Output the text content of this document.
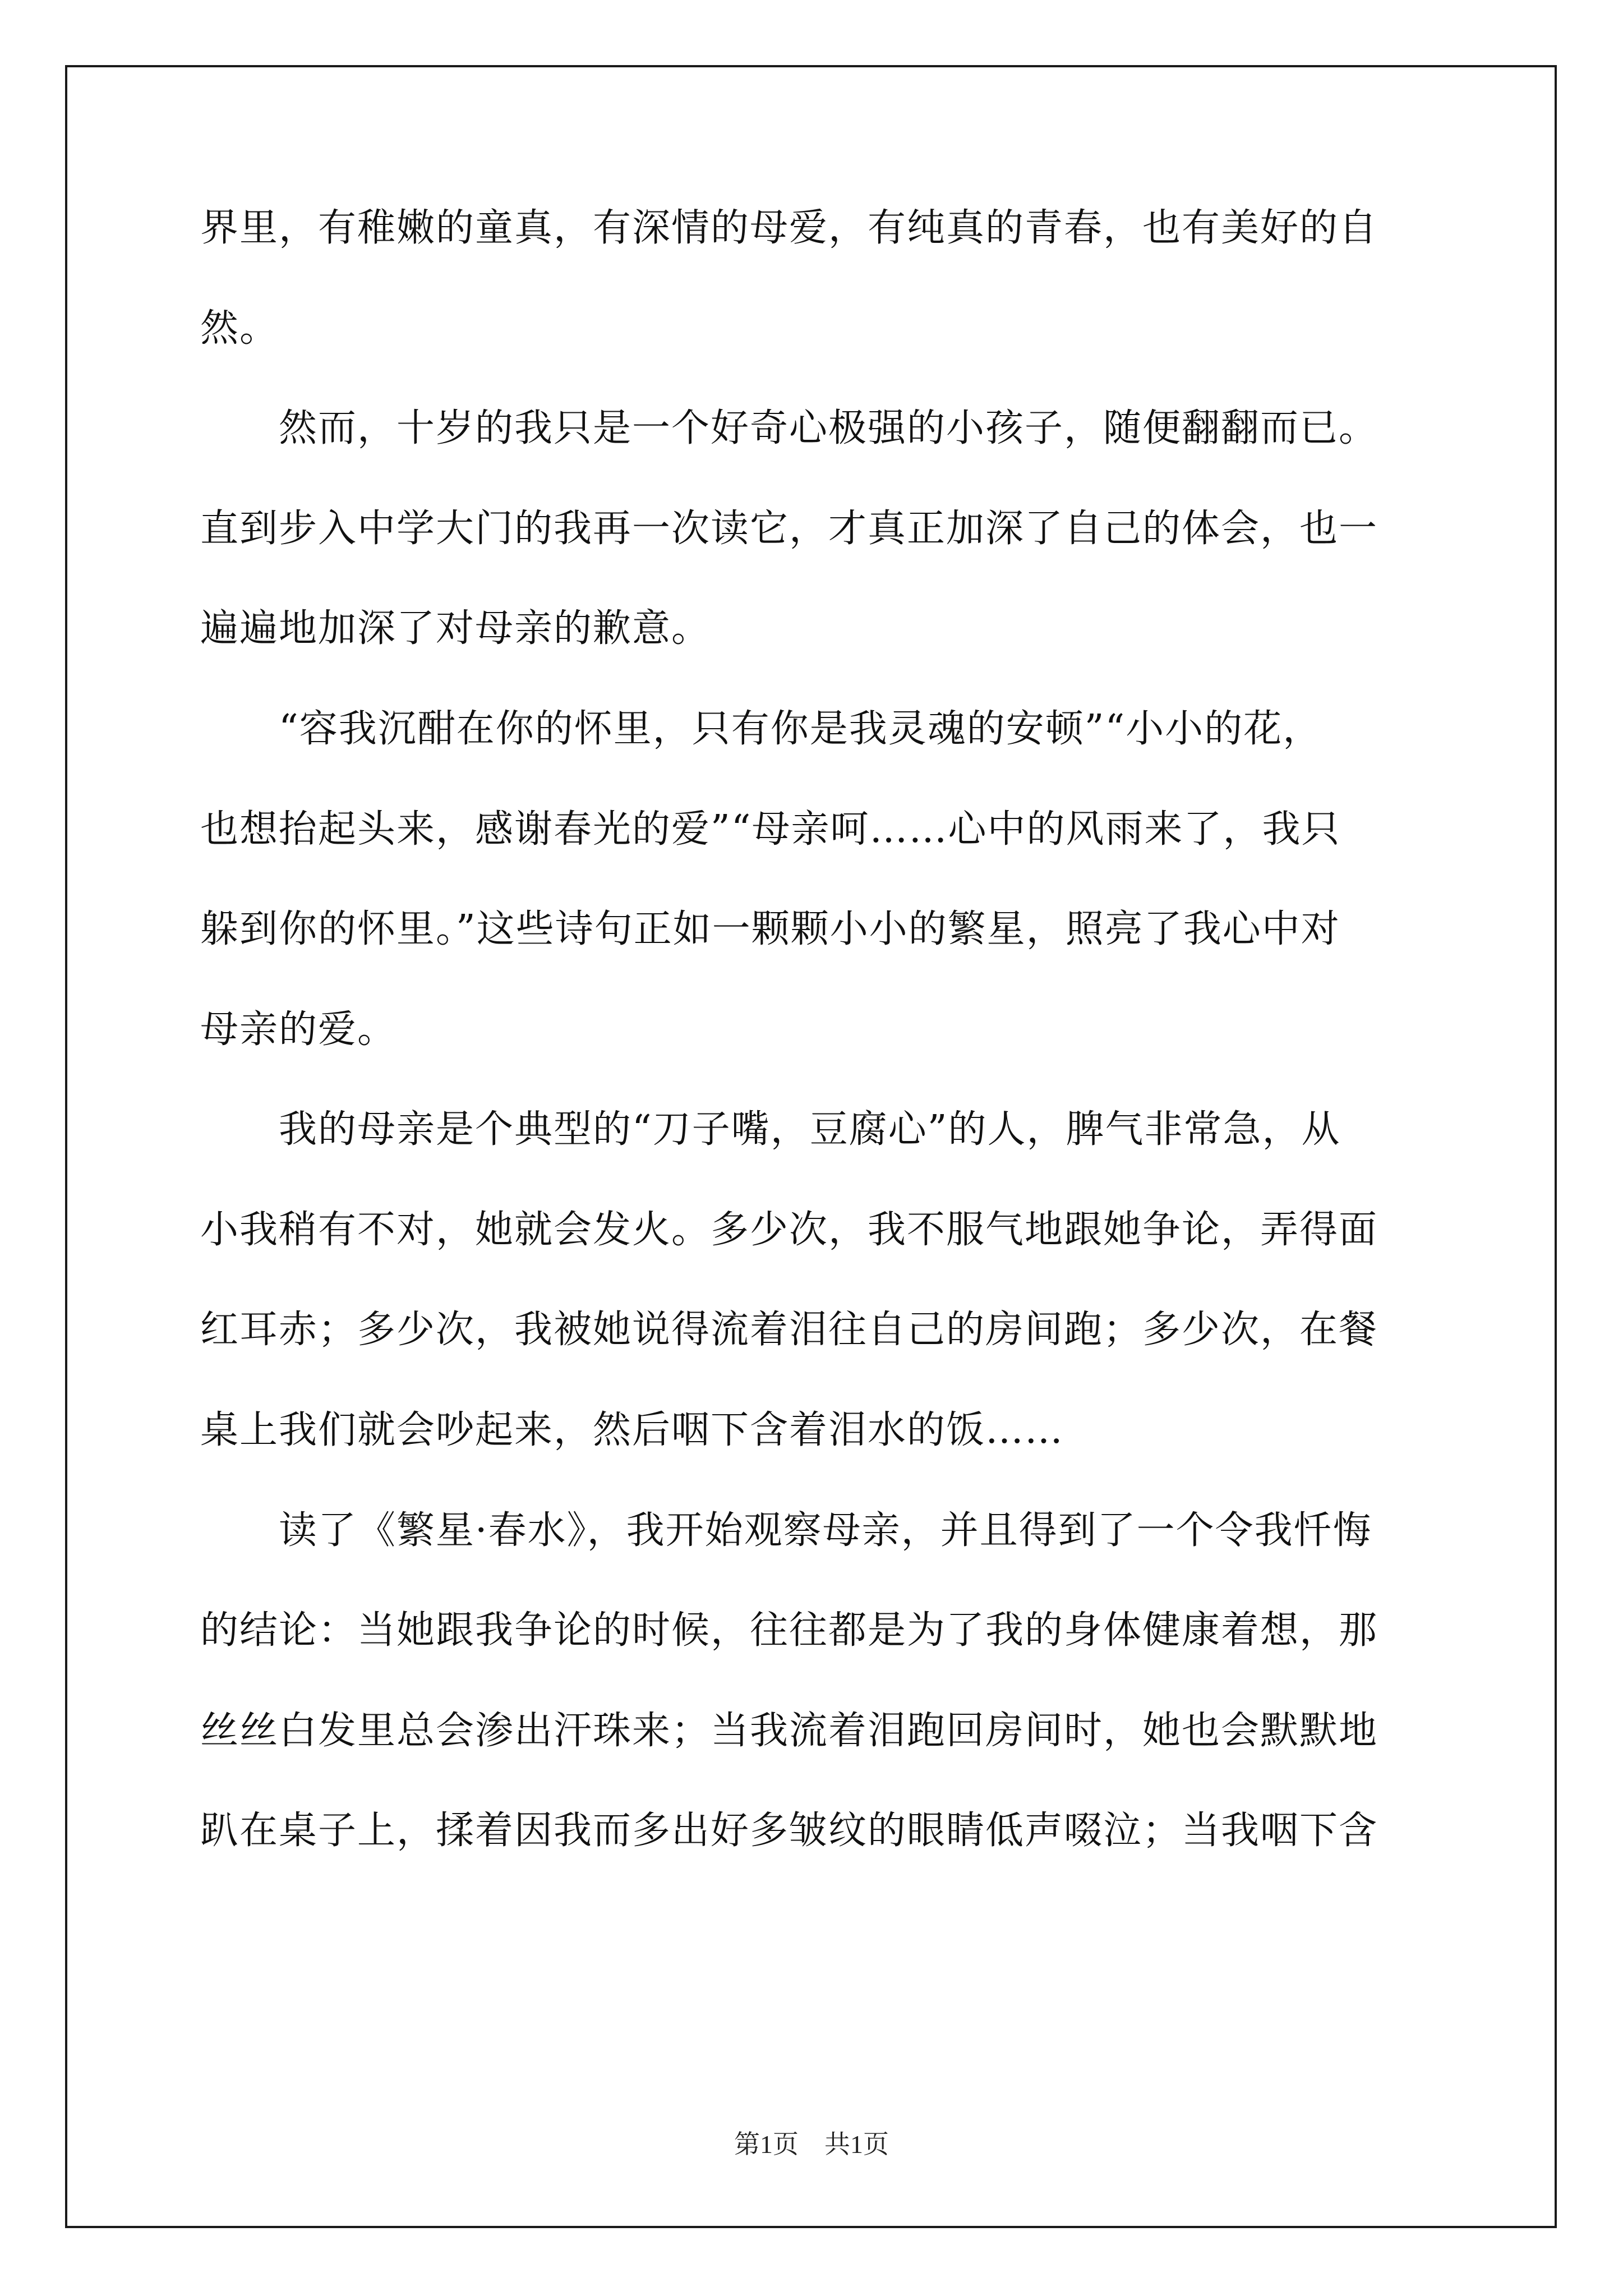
界里，有稚嫩的童真，有深情的母爱，有纯真的青春，也有美好的自
然。
　　然而，十岁的我只是一个好奇心极强的小孩子，随便翻翻而已。
直到步入中学大门的我再一次读它，才真正加深了自己的体会，也一
遍遍地加深了对母亲的歉意。
　　“容我沉酣在你的怀里，只有你是我灵魂的安顿”“小小的花，
也想抬起头来，感谢春光的爱”“母亲呵……心中的风雨来了，我只
躲到你的怀里。”这些诗句正如一颗颗小小的繁星，照亮了我心中对
母亲的爱。
　　我的母亲是个典型的“刀子嘴，豆腐心”的人，脾气非常急，从
小我稍有不对，她就会发火。多少次，我不服气地跟她争论，弄得面
红耳赤；多少次，我被她说得流着泪往自己的房间跑；多少次，在餐
桌上我们就会吵起来，然后咽下含着泪水的饭……
　　读了《繁星·春水》，我开始观察母亲，并且得到了一个令我忏悔
的结论：当她跟我争论的时候，往往都是为了我的身体健康着想，那
丝丝白发里总会渗出汗珠来；当我流着泪跑回房间时，她也会默默地
趴在桌子上，揉着因我而多出好多皱纹的眼睛低声啜泣；当我咽下含
第1页　共1页
